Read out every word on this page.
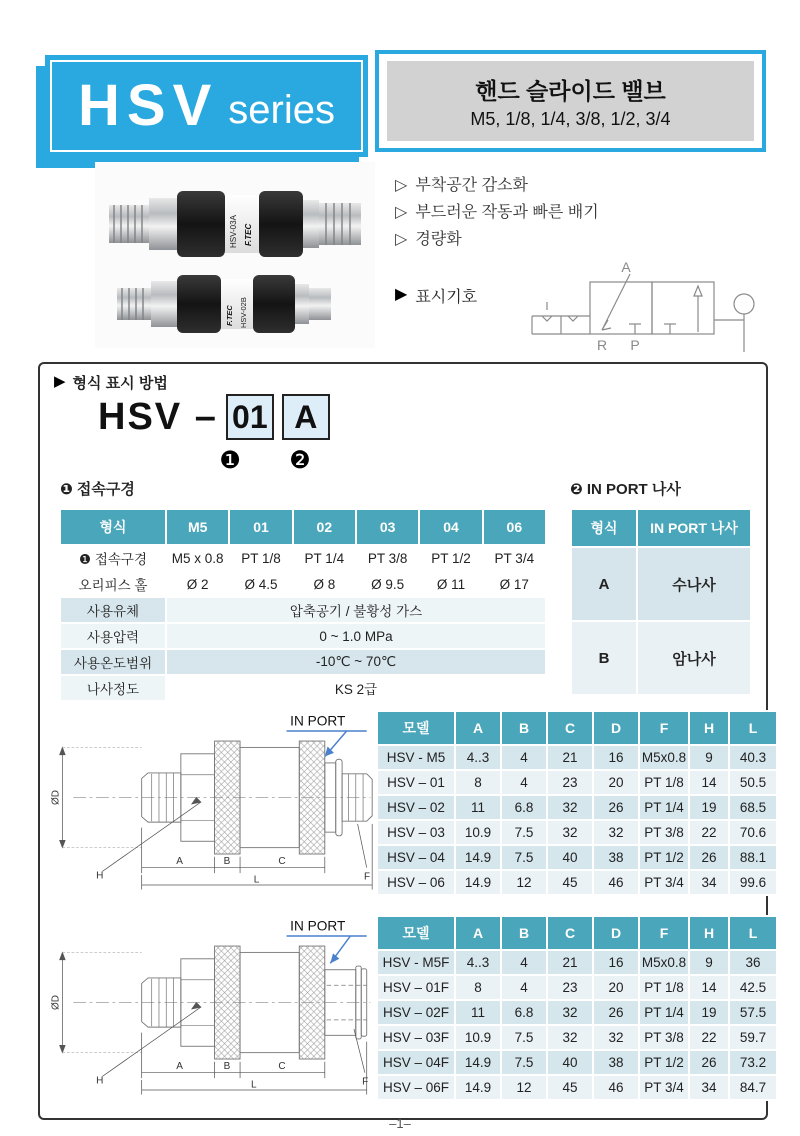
HSV series	핸드 슬라이드 밸브
M5, 1/8, 1/4, 3/8, 1/2, 3/4
HSV-03A F.TEC
F.TEC HSV-02B
▷ 부착공간 감소화
▷ 부드러운 작동과 빠른 배기
▷ 경량화
▶ 표시기호
A
R P
▶ 형식 표시 방법
HSV – 01 A
❶	❷
❶ 접속구경	❷ IN PORT 나사
형식	M5	01	02	03	04	06
❶ 접속구경	M5 x 0.8	PT 1/8	PT 1/4	PT 3/8	PT 1/2	PT 3/4
오리피스 홀	Ø 2	Ø 4.5	Ø 8	Ø 9.5	Ø 11	Ø 17
사용유체	압축공기 / 불황성 가스					
사용압력	0 ~ 1.0 MPa					
사용온도범위	-10℃ ~ 70℃					
나사정도	KS 2급					
형식	IN PORT 나사
A	수나사
B	암나사
ØD
H
A	B	C
L	F
IN PORT	모델	A	B	C	D	F	H	L
HSV - M5	4..3	4	21	16	M5x0.8	9	40.3
HSV – 01	8	4	23	20	PT 1/8	14	50.5
HSV – 02	11	6.8	32	26	PT 1/4	19	68.5
HSV – 03	10.9	7.5	32	32	PT 3/8	22	70.6
HSV – 04	14.9	7.5	40	38	PT 1/2	26	88.1
HSV – 06	14.9	12	45	46	PT 3/4	34	99.6
ØD
H
A	B	C
L	F
IN PORT	모델	A	B	C	D	F	H	L
HSV - M5F	4..3	4	21	16	M5x0.8	9	36
HSV – 01F	8	4	23	20	PT 1/8	14	42.5
HSV – 02F	11	6.8	32	26	PT 1/4	19	57.5
HSV – 03F	10.9	7.5	32	32	PT 3/8	22	59.7
HSV – 04F	14.9	7.5	40	38	PT 1/2	26	73.2
HSV – 06F	14.9	12	45	46	PT 3/4	34	84.7
–1–
